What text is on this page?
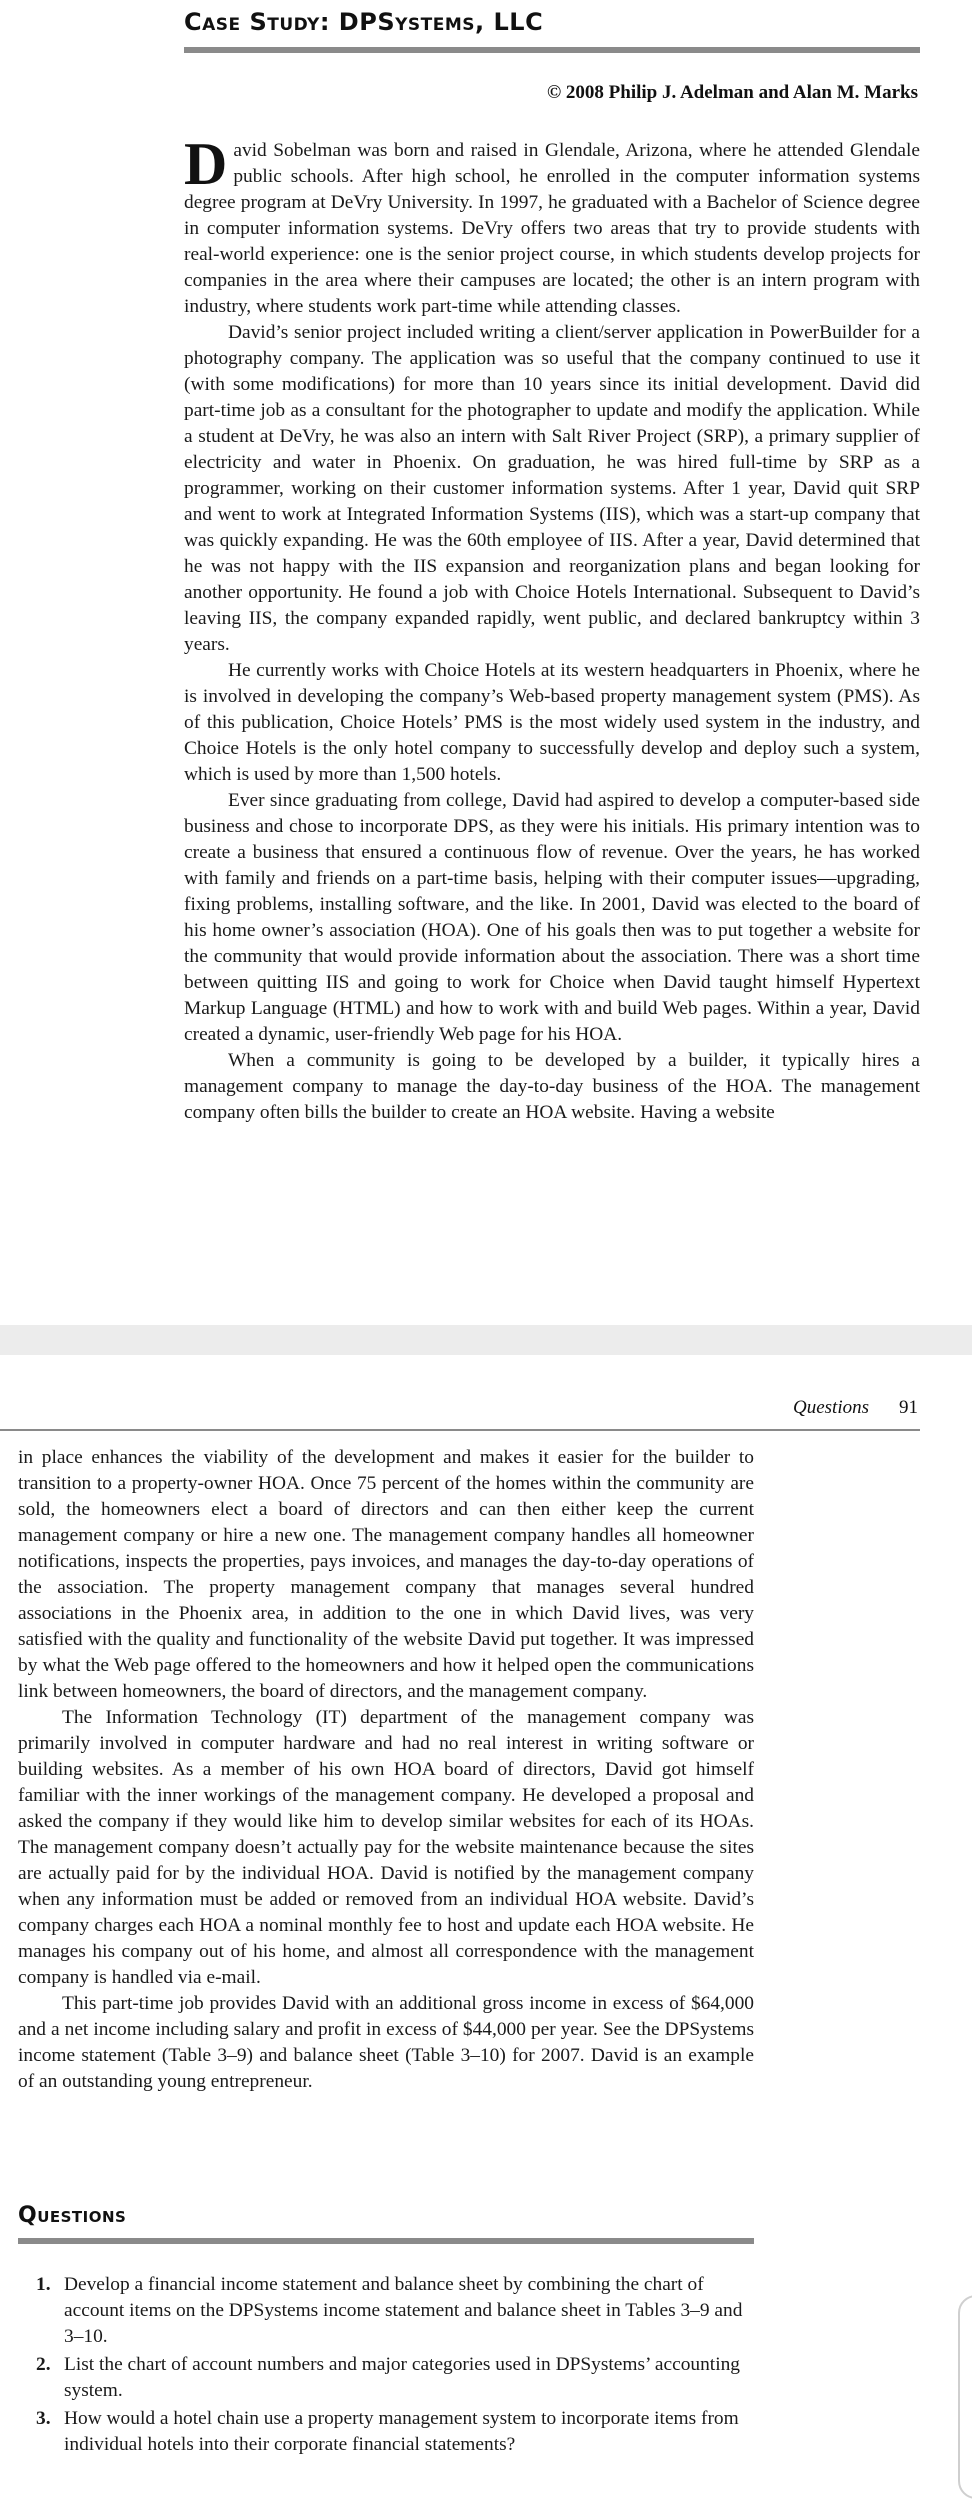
Case Study: DPSystems, LLC
© 2008 Philip J. Adelman and Alan M. Marks

David Sobelman was born and raised in Glendale, Arizona, where he attended Glendale public schools. After high school, he enrolled in the computer information systems degree program at DeVry University. In 1997, he graduated with a Bachelor of Science degree in computer information systems. DeVry offers two areas that try to provide students with real-world experience: one is the senior project course, in which students develop projects for companies in the area where their campuses are located; the other is an intern program with industry, where students work part-time while attending classes.

David’s senior project included writing a client/server application in PowerBuilder for a photography company. The application was so useful that the company continued to use it (with some modifications) for more than 10 years since its initial development. David did part-time job as a consultant for the photographer to update and modify the application. While a student at DeVry, he was also an intern with Salt River Project (SRP), a primary supplier of electricity and water in Phoenix. On graduation, he was hired full-time by SRP as a programmer, working on their customer information systems. After 1 year, David quit SRP and went to work at Integrated Information Systems (IIS), which was a start-up company that was quickly expanding. He was the 60th employee of IIS. After a year, David determined that he was not happy with the IIS expansion and reorganization plans and began looking for another opportunity. He found a job with Choice Hotels International. Subsequent to David’s leaving IIS, the company expanded rapidly, went public, and declared bankruptcy within 3 years.

He currently works with Choice Hotels at its western headquarters in Phoenix, where he is involved in developing the company’s Web-based property management system (PMS). As of this publication, Choice Hotels’ PMS is the most widely used system in the industry, and Choice Hotels is the only hotel company to successfully develop and deploy such a system, which is used by more than 1,500 hotels.

Ever since graduating from college, David had aspired to develop a computer-based side business and chose to incorporate DPS, as they were his initials. His primary intention was to create a business that ensured a continuous flow of revenue. Over the years, he has worked with family and friends on a part-time basis, helping with their computer issues—upgrading, fixing problems, installing software, and the like. In 2001, David was elected to the board of his home owner’s association (HOA). One of his goals then was to put together a website for the community that would provide information about the association. There was a short time between quitting IIS and going to work for Choice when David taught himself Hypertext Markup Language (HTML) and how to work with and build Web pages. Within a year, David created a dynamic, user-friendly Web page for his HOA.

When a community is going to be developed by a builder, it typically hires a management company to manage the day-to-day business of the HOA. The management company often bills the builder to create an HOA website. Having a website

Questions 91

in place enhances the viability of the development and makes it easier for the builder to transition to a property-owner HOA. Once 75 percent of the homes within the community are sold, the homeowners elect a board of directors and can then either keep the current management company or hire a new one. The management company handles all homeowner notifications, inspects the properties, pays invoices, and manages the day-to-day operations of the association. The property management company that manages several hundred associations in the Phoenix area, in addition to the one in which David lives, was very satisfied with the quality and functionality of the website David put together. It was impressed by what the Web page offered to the homeowners and how it helped open the communications link between homeowners, the board of directors, and the management company.

The Information Technology (IT) department of the management company was primarily involved in computer hardware and had no real interest in writing software or building websites. As a member of his own HOA board of directors, David got himself familiar with the inner workings of the management company. He developed a proposal and asked the company if they would like him to develop similar websites for each of its HOAs. The management company doesn’t actually pay for the website maintenance because the sites are actually paid for by the individual HOA. David is notified by the management company when any information must be added or removed from an individual HOA website. David’s company charges each HOA a nominal monthly fee to host and update each HOA website. He manages his company out of his home, and almost all correspondence with the management company is handled via e-mail.

This part-time job provides David with an additional gross income in excess of $64,000 and a net income including salary and profit in excess of $44,000 per year. See the DPSystems income statement (Table 3–9) and balance sheet (Table 3–10) for 2007. David is an example of an outstanding young entrepreneur.

Questions
1. Develop a financial income statement and balance sheet by combining the chart of account items on the DPSystems income statement and balance sheet in Tables 3–9 and 3–10.
2. List the chart of account numbers and major categories used in DPSystems’ accounting system.
3. How would a hotel chain use a property management system to incorporate items from individual hotels into their corporate financial statements?
